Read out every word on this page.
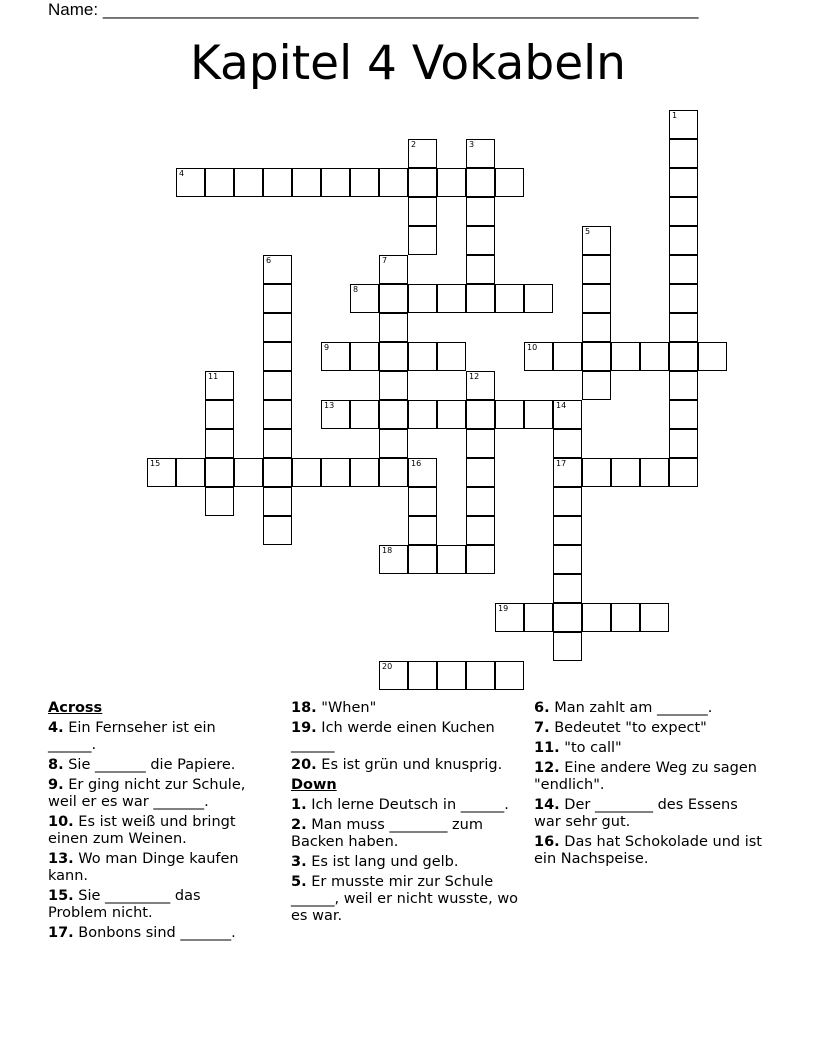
Name: _______________________________________________________________
Kapitel 4 Vokabeln
1
2	3
4
5
6	7
8
9	10
11	12
13	14
17
15	16
18
19
20
Across
4. Ein Fernseher ist ein ______.
8. Sie _______ die Papiere.
9. Er ging nicht zur Schule, weil er es war _______.
10. Es ist weiß und bringt einen zum Weinen.
13. Wo man Dinge kaufen kann.
15. Sie _________ das Problem nicht.
17. Bonbons sind _______.
18. "When"
19. Ich werde einen Kuchen ______
20. Es ist grün und knusprig.
Down
1. Ich lerne Deutsch in ______.
2. Man muss ________ zum Backen haben.
3. Es ist lang und gelb.
5. Er musste mir zur Schule ______, weil er nicht wusste, wo es war.
6. Man zahlt am _______.
7. Bedeutet "to expect"
11. "to call"
12. Eine andere Weg zu sagen "endlich".
14. Der ________ des Essens war sehr gut.
16. Das hat Schokolade und ist ein Nachspeise.
